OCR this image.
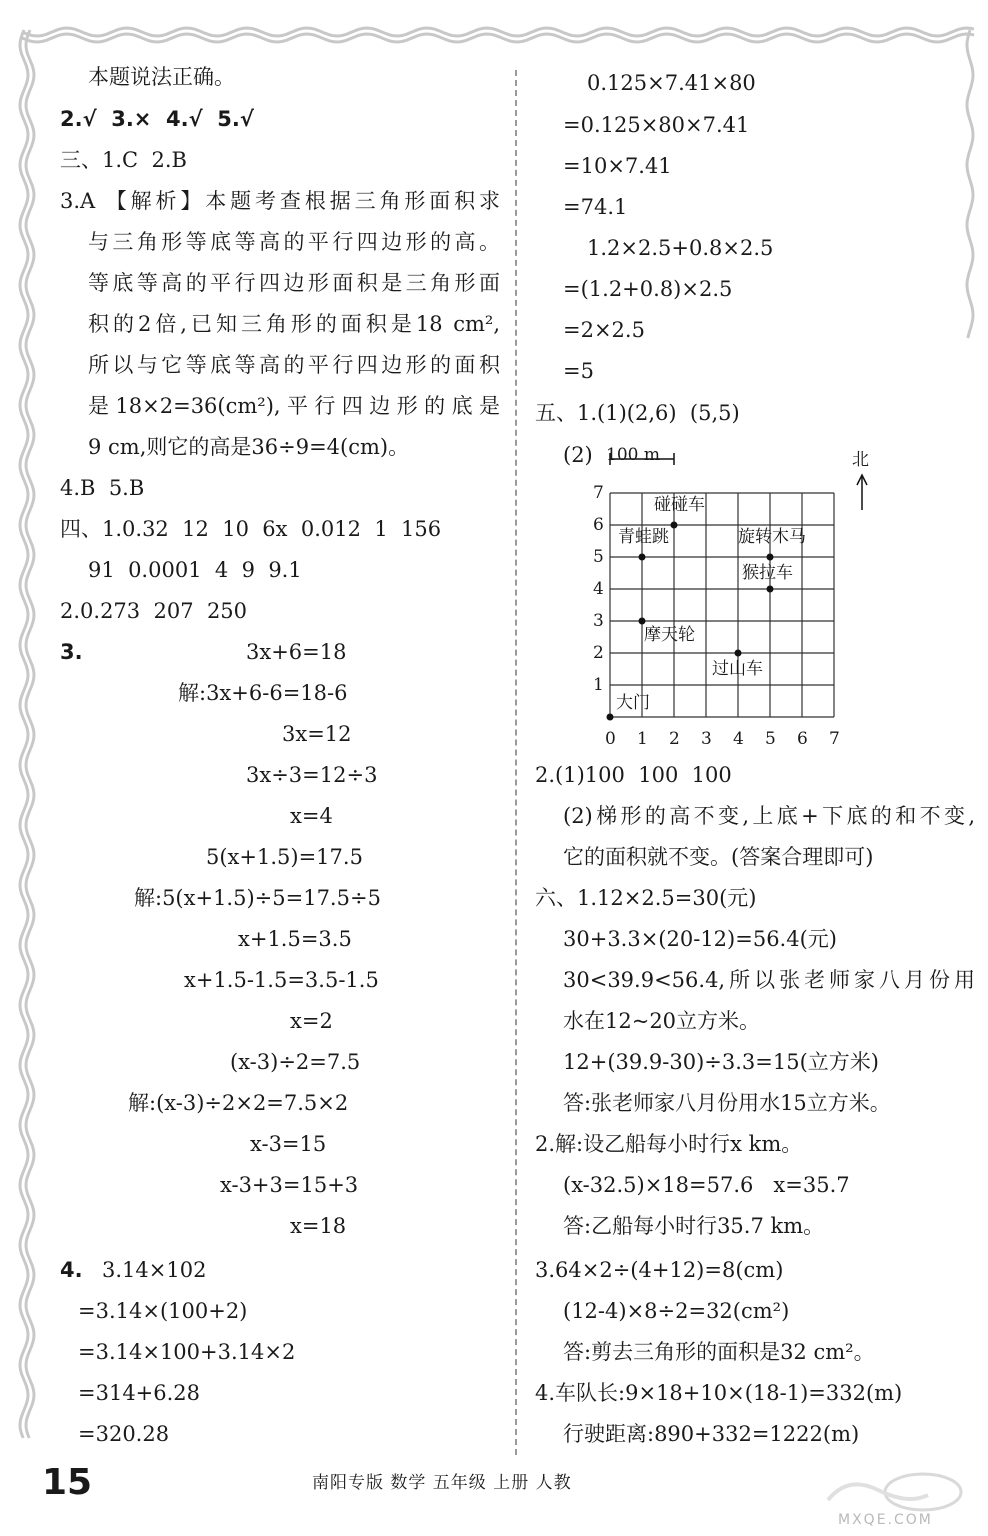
本题说法正确。
2.√  3.×  4.√  5.√
三、1.C  2.B
3.A 【解析】本题考查根据三角形面积求
与三角形等底等高的平行四边形的高。
等底等高的平行四边形面积是三角形面
积的2倍,已知三角形的面积是18 cm²,
所以与它等底等高的平行四边形的面积
是18×2=36(cm²),平行四边形的底是
9 cm,则它的高是36÷9=4(cm)。
4.B  5.B
四、1.0.32  12  10  6x  0.012  1  156
91  0.0001  4  9  9.1
2.0.273  207  250
3.	3x+6=18
解:3x+6-6=18-6
3x=12
3x÷3=12÷3
x=4
5(x+1.5)=17.5
解:5(x+1.5)÷5=17.5÷5
x+1.5=3.5
x+1.5-1.5=3.5-1.5
x=2
(x-3)÷2=7.5
解:(x-3)÷2×2=7.5×2
x-3=15
x-3+3=15+3
x=18
4. 3.14×102
=3.14×(100+2)
=3.14×100+3.14×2
=314+6.28
=320.28
0.125×7.41×80
=0.125×80×7.41
=10×7.41
=74.1
1.2×2.5+0.8×2.5
=(1.2+0.8)×2.5
=2×2.5
=5
五、1.(1)(2,6)  (5,5)
(2)
2.(1)100  100  100
(2)梯形的高不变,上底+下底的和不变,
它的面积就不变。(答案合理即可)
六、1.12×2.5=30(元)
30+3.3×(20-12)=56.4(元)
30<39.9<56.4,所以张老师家八月份用
水在12~20立方米。
12+(39.9-30)÷3.3=15(立方米)
答:张老师家八月份用水15立方米。
2.解:设乙船每小时行x km。
(x-32.5)×18=57.6   x=35.7
答:乙船每小时行35.7 km。
3.64×2÷(4+12)=8(cm)
(12-4)×8÷2=32(cm²)
答:剪去三角形的面积是32 cm²。
4.车队长:9×18+10×(18-1)=332(m)
行驶距离:890+332=1222(m)
100 m	北
0 1 2 3 4 5 6 7
1
2
3
4
5
6
7
碰碰车
青蛙跳	旋转木马
猴拉车
摩天轮
过山车
大门
15	南阳专版 数学 五年级 上册 人教
MXQE.COM
